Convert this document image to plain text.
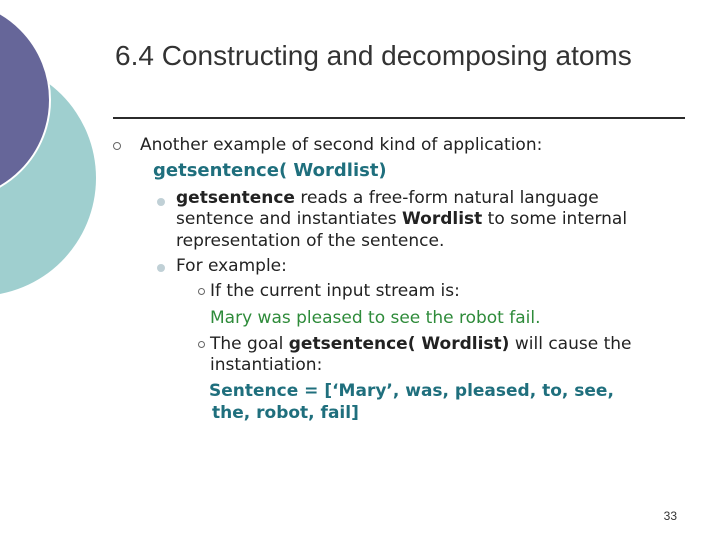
6.4 Constructing and decomposing atoms
Another example of second kind of application:
getsentence( Wordlist)
getsentence reads a free-form natural language
sentence and instantiates Wordlist to some internal
representation of the sentence.
For example:
If the current input stream is:
Mary was pleased to see the robot fail.
The goal getsentence( Wordlist) will cause the
instantiation:
Sentence = [‘Mary’, was, pleased, to, see,
the, robot, fail]
33
